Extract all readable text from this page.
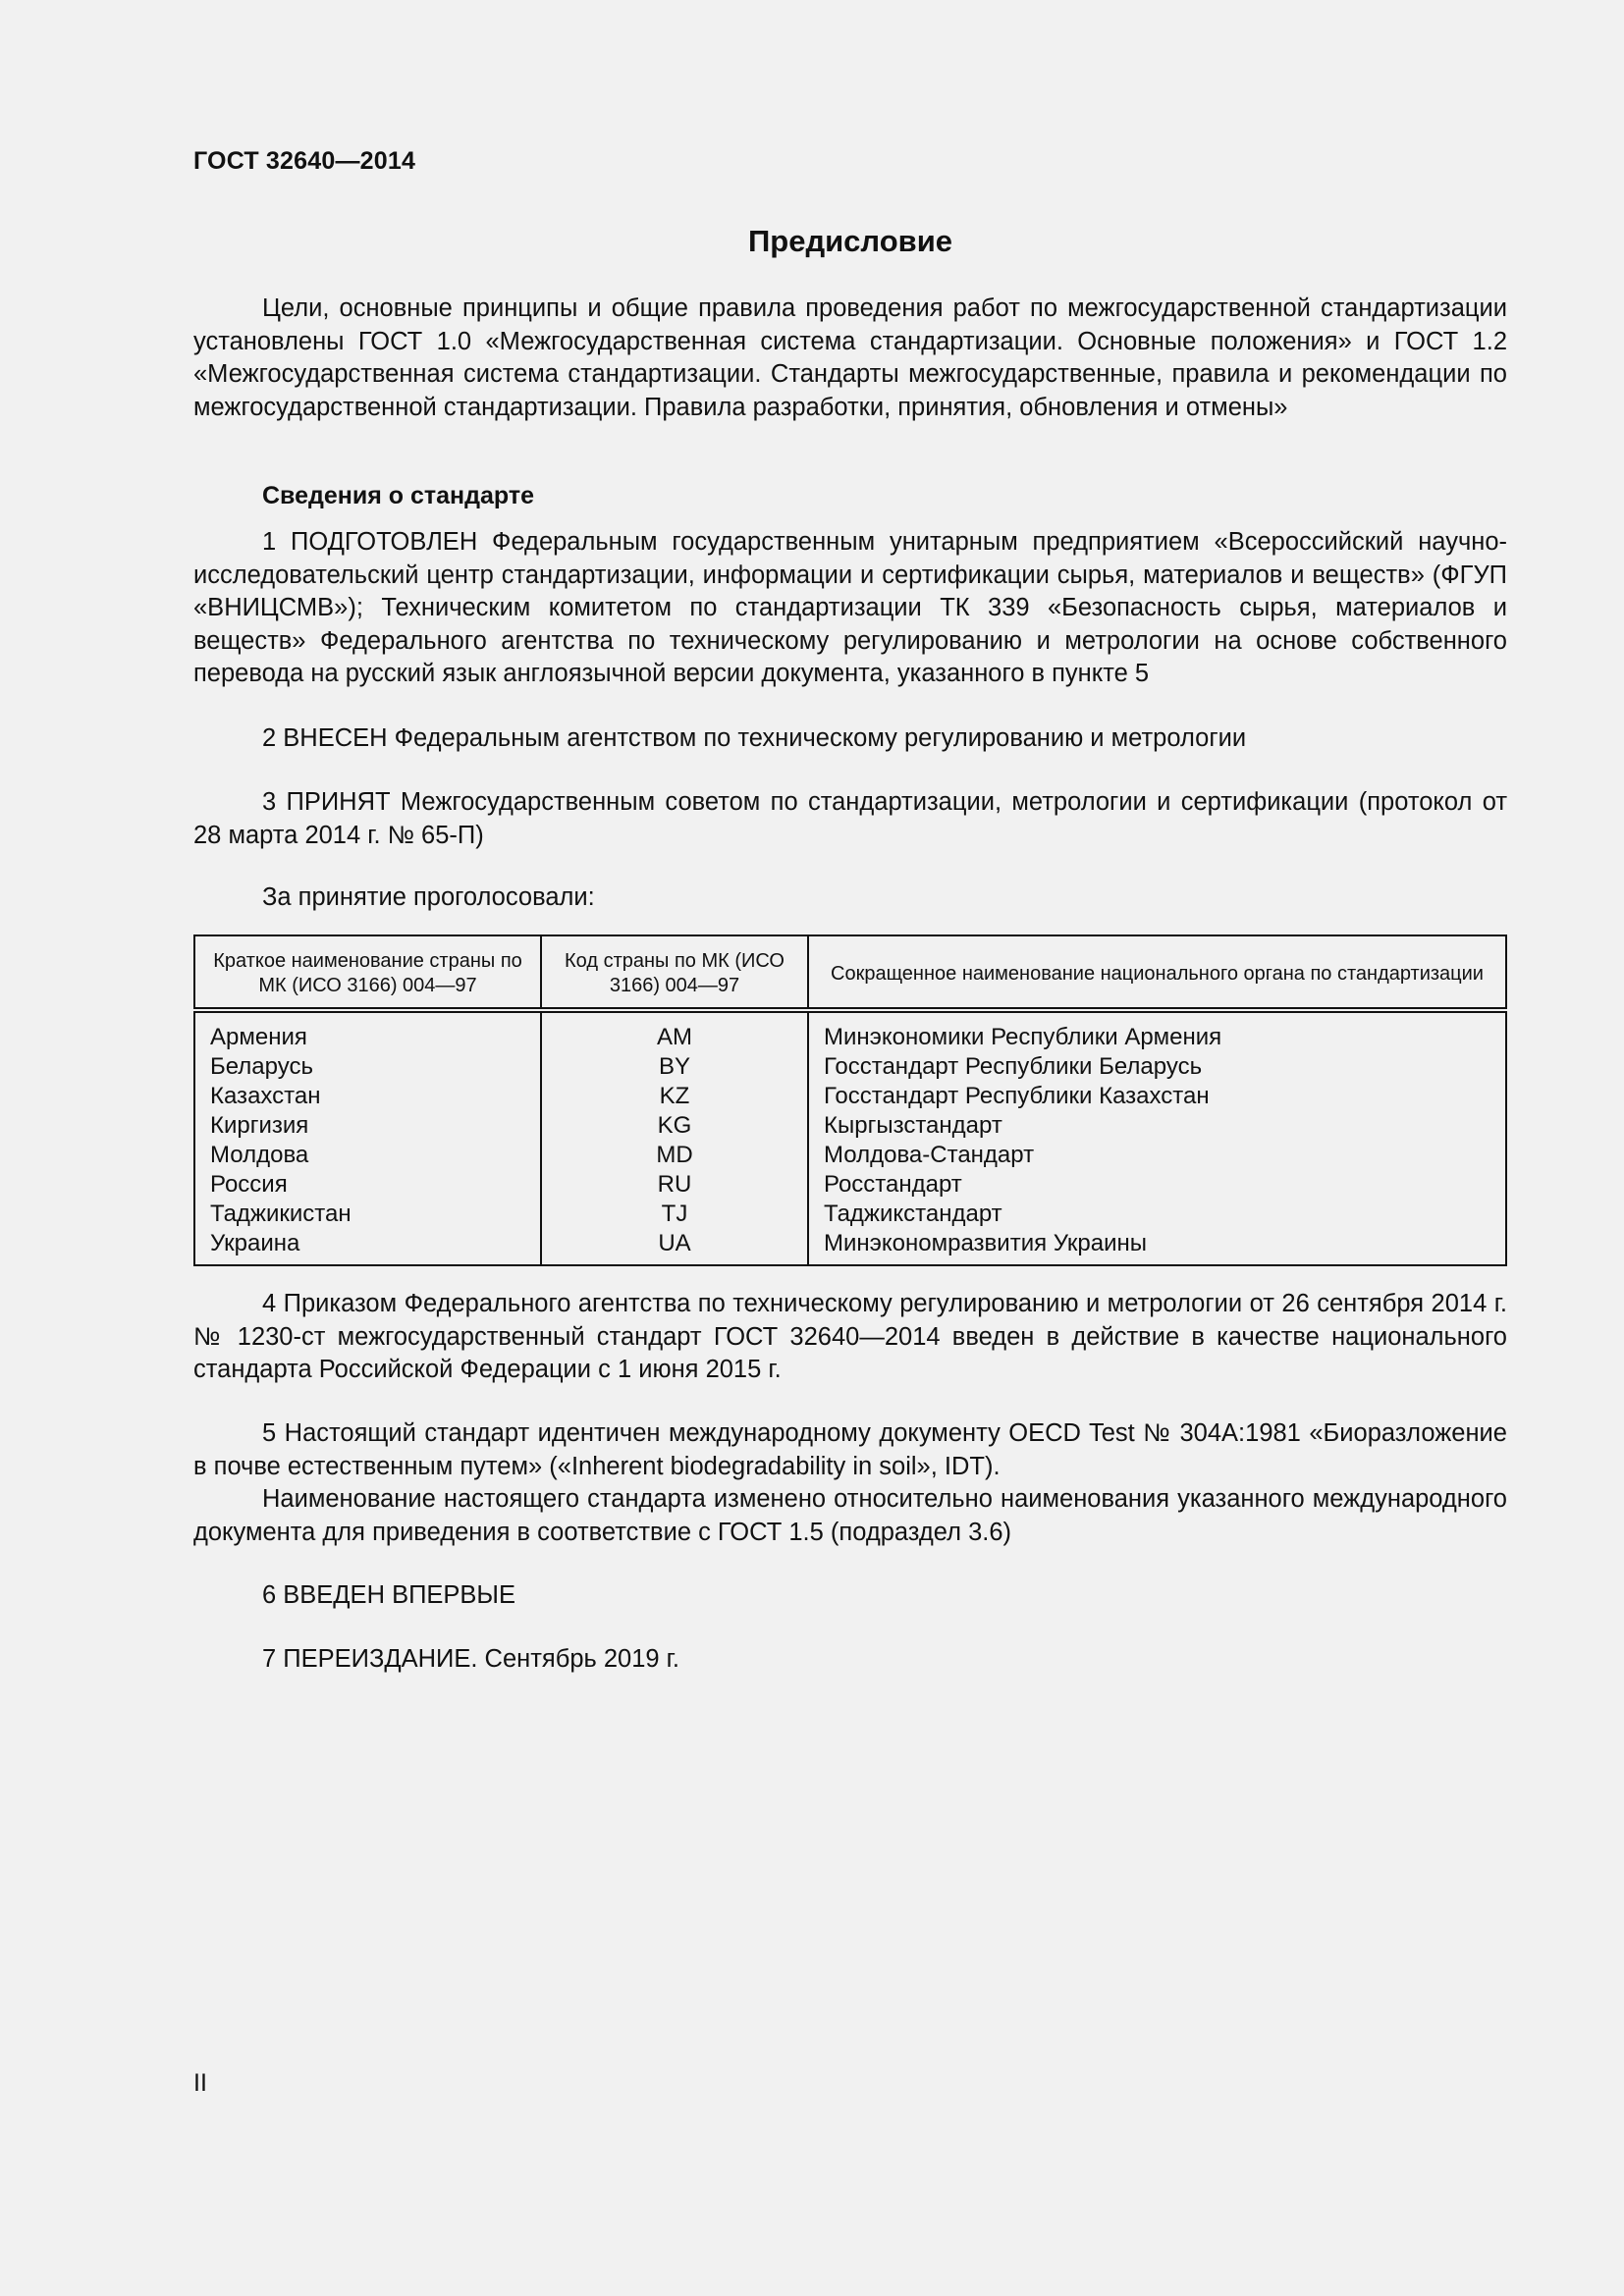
ГОСТ 32640—2014
Предисловие
Цели, основные принципы и общие правила проведения работ по межгосударственной стандартизации установлены ГОСТ 1.0 «Межгосударственная система стандартизации. Основные положения» и ГОСТ 1.2 «Межгосударственная система стандартизации. Стандарты межгосударственные, правила и рекомендации по межгосударственной стандартизации. Правила разработки, принятия, обновления и отмены»
Сведения о стандарте
1 ПОДГОТОВЛЕН Федеральным государственным унитарным предприятием «Всероссийский научно-исследовательский центр стандартизации, информации и сертификации сырья, материалов и веществ» (ФГУП «ВНИЦСМВ»); Техническим комитетом по стандартизации ТК 339 «Безопасность сырья, материалов и веществ» Федерального агентства по техническому регулированию и метрологии на основе собственного перевода на русский язык англоязычной версии документа, указанного в пункте 5
2 ВНЕСЕН Федеральным агентством по техническому регулированию и метрологии
3 ПРИНЯТ Межгосударственным советом по стандартизации, метрологии и сертификации (протокол от 28 марта 2014 г. № 65-П)
За принятие проголосовали:
Краткое наименование страны по МК (ИСО 3166) 004—97	Код страны по МК (ИСО 3166) 004—97	Сокращенное наименование национального органа по стандартизации
Армения	AM	Минэкономики Республики Армения
Беларусь	BY	Госстандарт Республики Беларусь
Казахстан	KZ	Госстандарт Республики Казахстан
Киргизия	KG	Кыргызстандарт
Молдова	MD	Молдова-Стандарт
Россия	RU	Росстандарт
Таджикистан	TJ	Таджикстандарт
Украина	UA	Минэкономразвития Украины
4 Приказом Федерального агентства по техническому регулированию и метрологии от 26 сентября 2014 г. № 1230-ст межгосударственный стандарт ГОСТ 32640—2014 введен в действие в качестве национального стандарта Российской Федерации с 1 июня 2015 г.
5 Настоящий стандарт идентичен международному документу OECD Test № 304А:1981 «Биоразложение в почве естественным путем» («Inherent biodegradability in soil», IDT).
Наименование настоящего стандарта изменено относительно наименования указанного международного документа для приведения в соответствие с ГОСТ 1.5 (подраздел 3.6)
6 ВВЕДЕН ВПЕРВЫЕ
7 ПЕРЕИЗДАНИЕ. Сентябрь 2019 г.
II
